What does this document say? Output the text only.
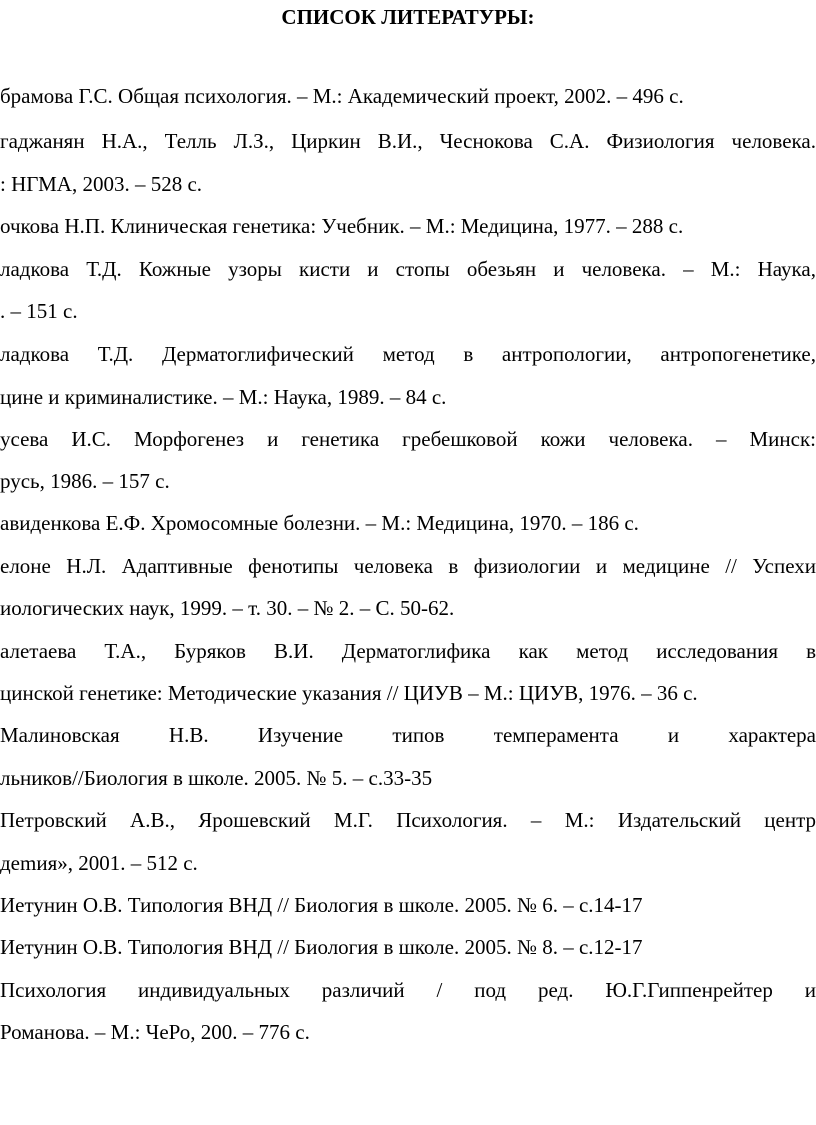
СПИСОК ЛИТЕРАТУРЫ:
брамова Г.С. Общая психология. – М.: Академический проект, 2002. – 496 с.
гаджанян Н.А., Телль Л.З., Циркин В.И., Чеснокова С.А. Физиология человека.
: НГМА, 2003. – 528 с.
очкова Н.П. Клиническая генетика: Учебник. – М.: Медицина, 1977. – 288 с.
ладкова Т.Д. Кожные узоры кисти и стопы обезьян и человека. – М.: Наука,
. – 151 с.
ладкова Т.Д. Дерматоглифический метод в антропологии, антропогенетике,
цине и криминалистике. – М.: Наука, 1989. – 84 с.
усева И.С. Морфогенез и генетика гребешковой кожи человека. – Минск:
русь, 1986. – 157 с.
авиденкова Е.Ф. Хромосомные болезни. – М.: Медицина, 1970. – 186 с.
елоне Н.Л. Адаптивные фенотипы человека в физиологии и медицине // Успехи
иологических наук, 1999. – т. 30. – № 2. – С. 50-62.
алетаева Т.А., Буряков В.И. Дерматоглифика как метод исследования в
цинской генетике: Методические указания // ЦИУВ – М.: ЦИУВ, 1976. – 36 с.
Малиновская Н.В. Изучение типов темперамента и характера
льников//Биология в школе. 2005. № 5. – с.33-35
Петровский А.В., Ярошевский М.Г. Психология. – М.: Издательский центр
дemия», 2001. – 512 с.
Иетунин О.В. Типология ВНД // Биология в школе. 2005. № 6. – с.14-17
Иетунин О.В. Типология ВНД // Биология в школе. 2005. № 8. – с.12-17
Психология индивидуальных различий / под ред. Ю.Г.Гиппенрейтер и
Романова. – М.: ЧеРо, 200. – 776 с.
